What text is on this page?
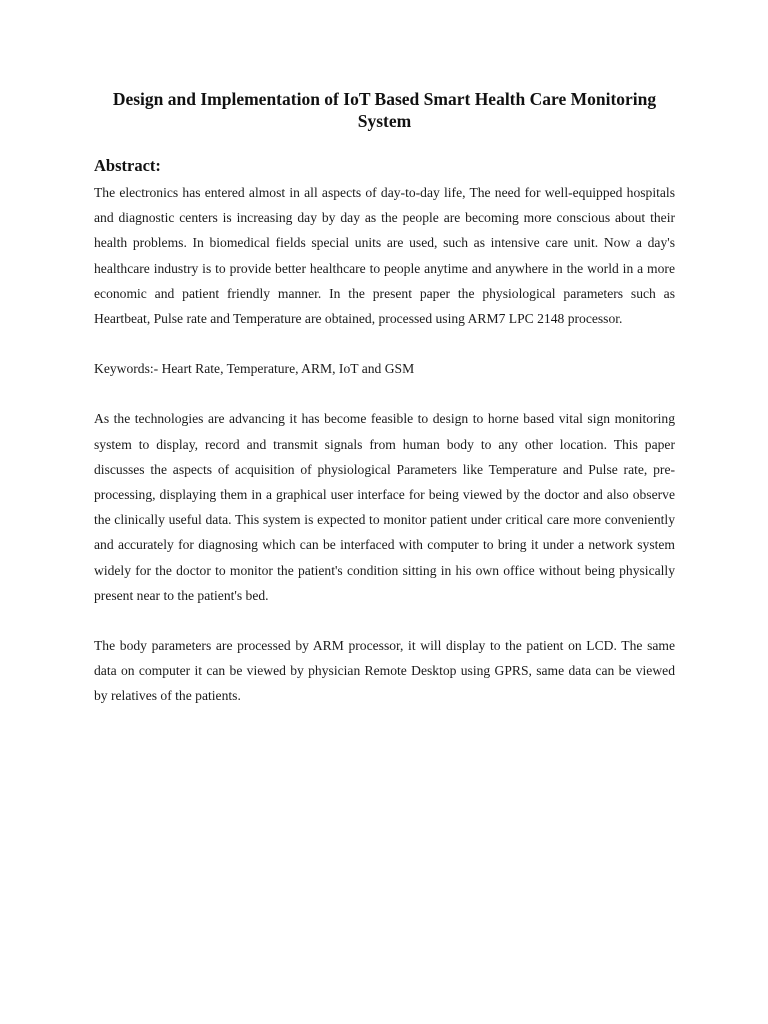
Design and Implementation of IoT Based Smart Health Care Monitoring System
Abstract:

The electronics has entered almost in all aspects of day-to-day life, The need for well-equipped hospitals and diagnostic centers is increasing day by day as the people are becoming more conscious about their health problems. In biomedical fields special units are used, such as intensive care unit. Now a day's healthcare industry is to provide better healthcare to people anytime and anywhere in the world in a more economic and patient friendly manner. In the present paper the physiological parameters such as Heartbeat, Pulse rate and Temperature are obtained, processed using ARM7 LPC 2148 processor.

Keywords:- Heart Rate, Temperature, ARM, IoT and GSM

As the technologies are advancing it has become feasible to design to horne based vital sign monitoring system to display, record and transmit signals from human body to any other location. This paper discusses the aspects of acquisition of physiological Parameters like Temperature and Pulse rate, pre-processing, displaying them in a graphical user interface for being viewed by the doctor and also observe the clinically useful data. This system is expected to monitor patient under critical care more conveniently and accurately for diagnosing which can be interfaced with computer to bring it under a network system widely for the doctor to monitor the patient's condition sitting in his own office without being physically present near to the patient's bed.

The body parameters are processed by ARM processor, it will display to the patient on LCD. The same data on computer it can be viewed by physician Remote Desktop using GPRS, same data can be viewed by relatives of the patients.
